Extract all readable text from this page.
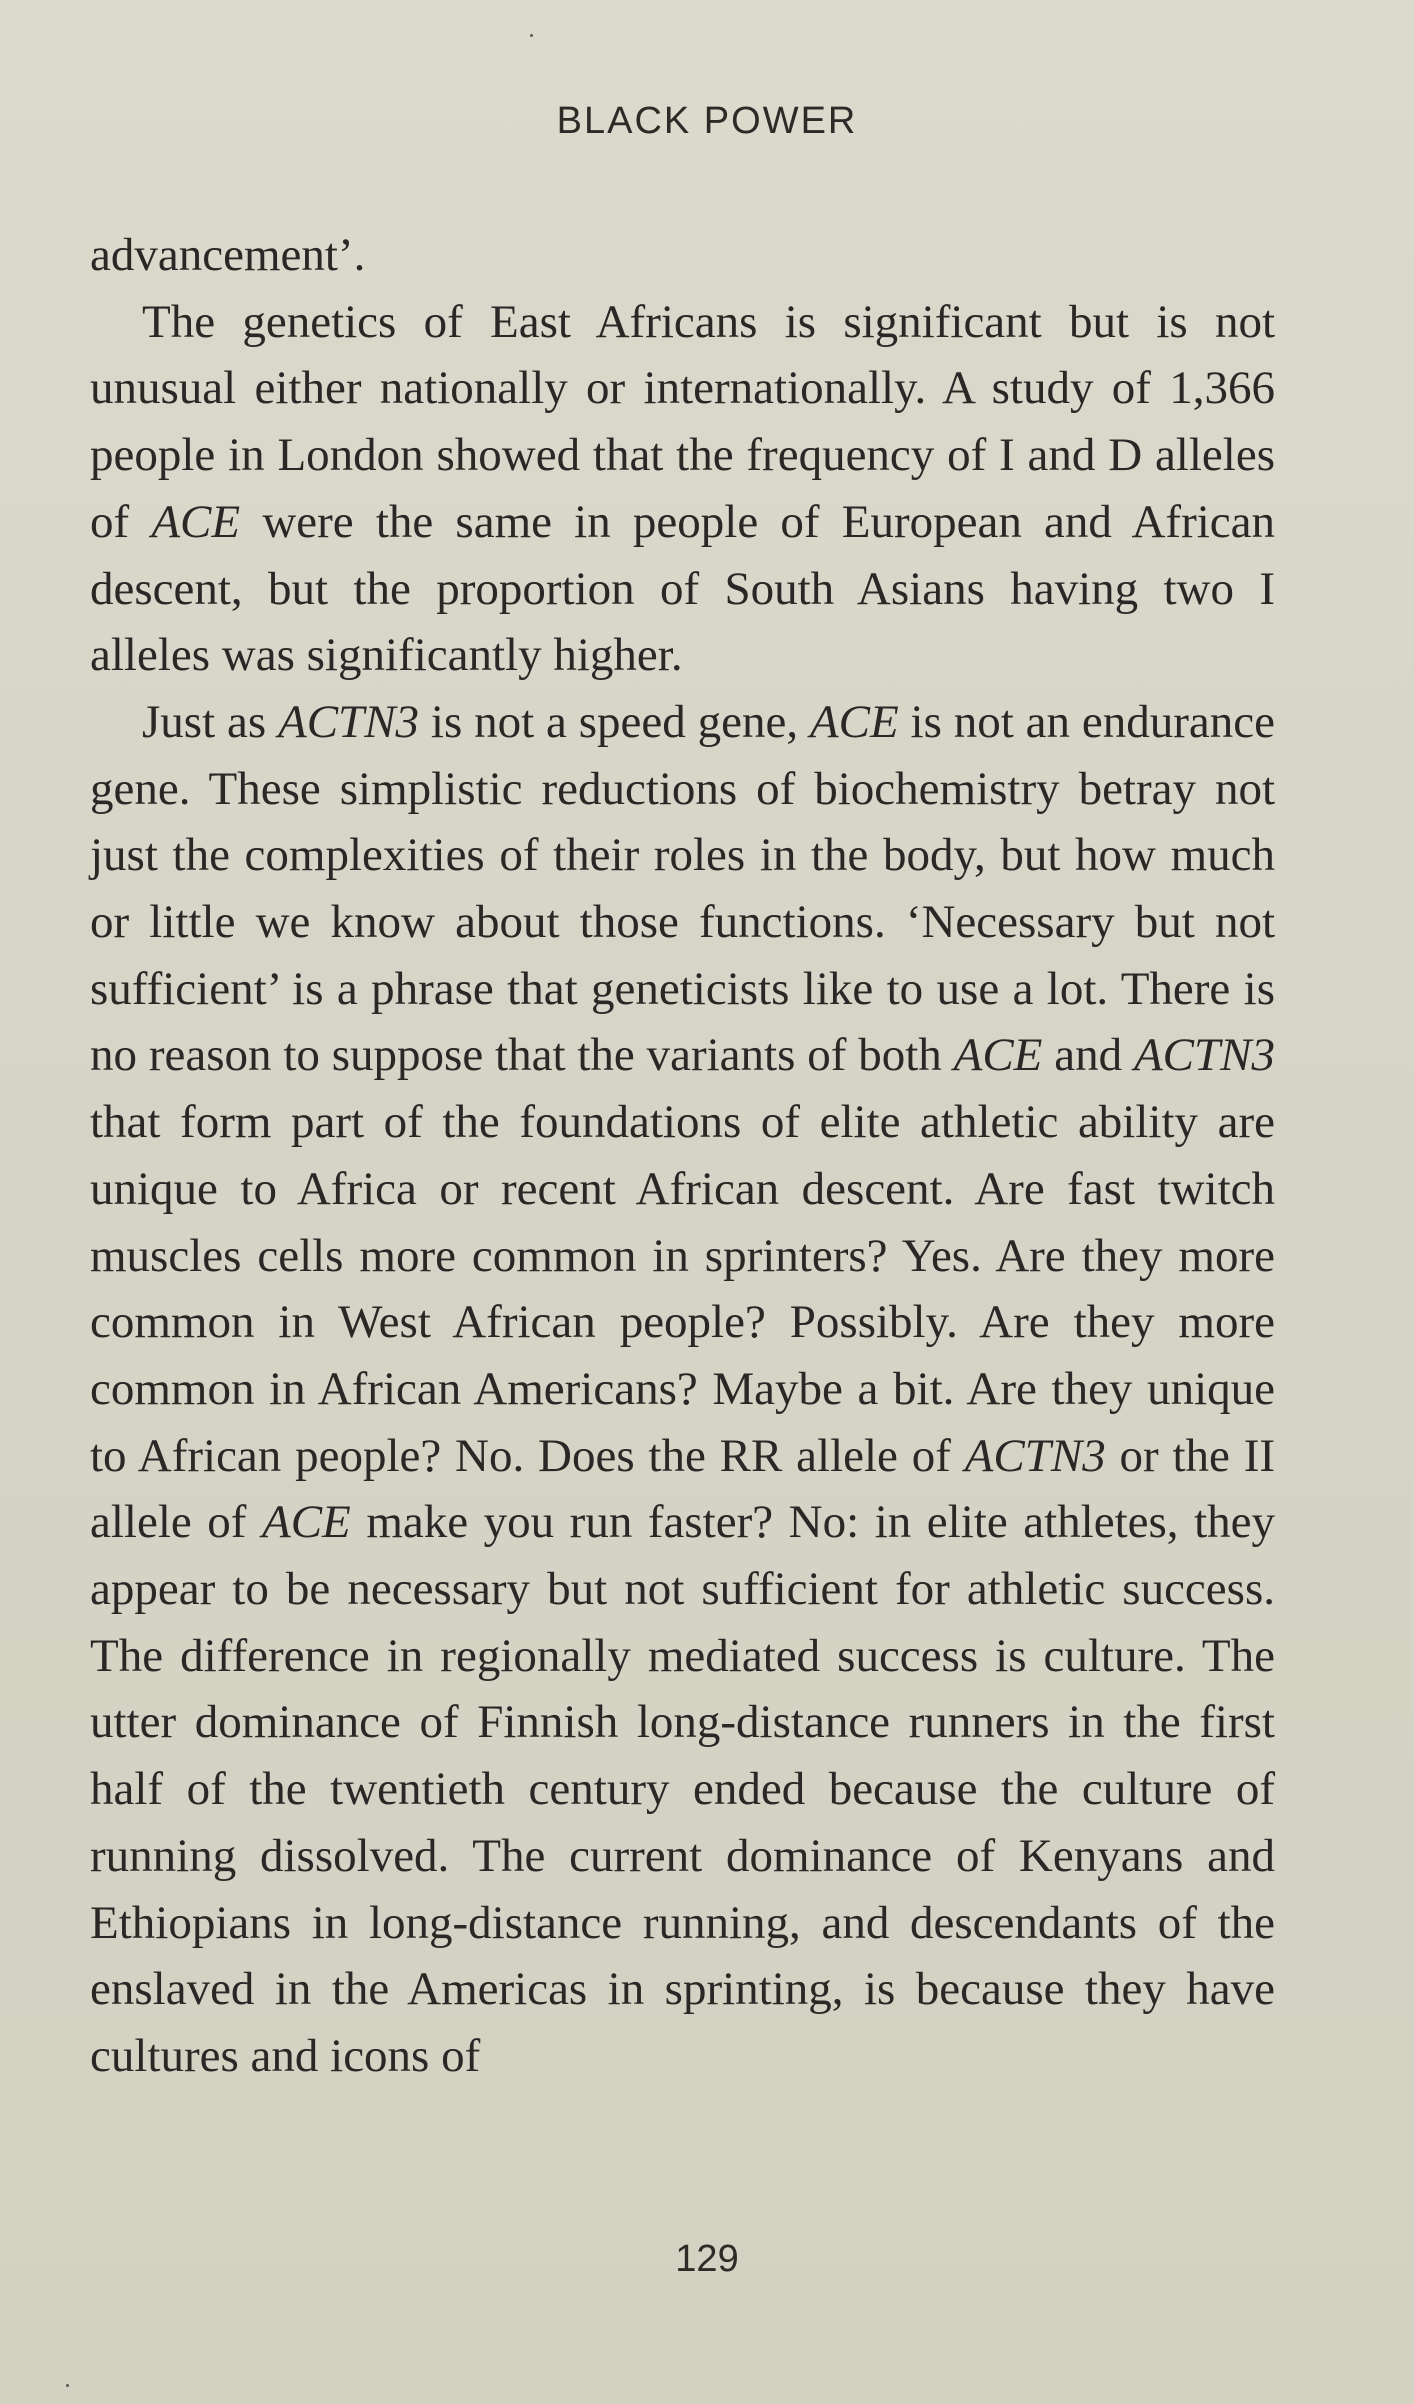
BLACK POWER

advancement’.

The genetics of East Africans is significant but is not unusual either nationally or internationally. A study of 1,366 people in London showed that the frequency of I and D alleles of ACE were the same in people of European and African descent, but the proportion of South Asians having two I alleles was significantly higher.

Just as ACTN3 is not a speed gene, ACE is not an endurance gene. These simplistic reductions of biochemistry betray not just the complexities of their roles in the body, but how much or little we know about those functions. ‘Necessary but not sufficient’ is a phrase that geneticists like to use a lot. There is no reason to suppose that the variants of both ACE and ACTN3 that form part of the foundations of elite athletic ability are unique to Africa or recent African descent. Are fast twitch muscles cells more common in sprinters? Yes. Are they more common in West African people? Possibly. Are they more common in African Americans? Maybe a bit. Are they unique to African people? No. Does the RR allele of ACTN3 or the II allele of ACE make you run faster? No: in elite athletes, they appear to be necessary but not sufficient for athletic success. The difference in regionally mediated success is culture. The utter dominance of Finnish long-distance runners in the first half of the twentieth century ended because the culture of running dissolved. The current dominance of Kenyans and Ethiopians in long-distance running, and descendants of the enslaved in the Americas in sprinting, is because they have cultures and icons of

129
